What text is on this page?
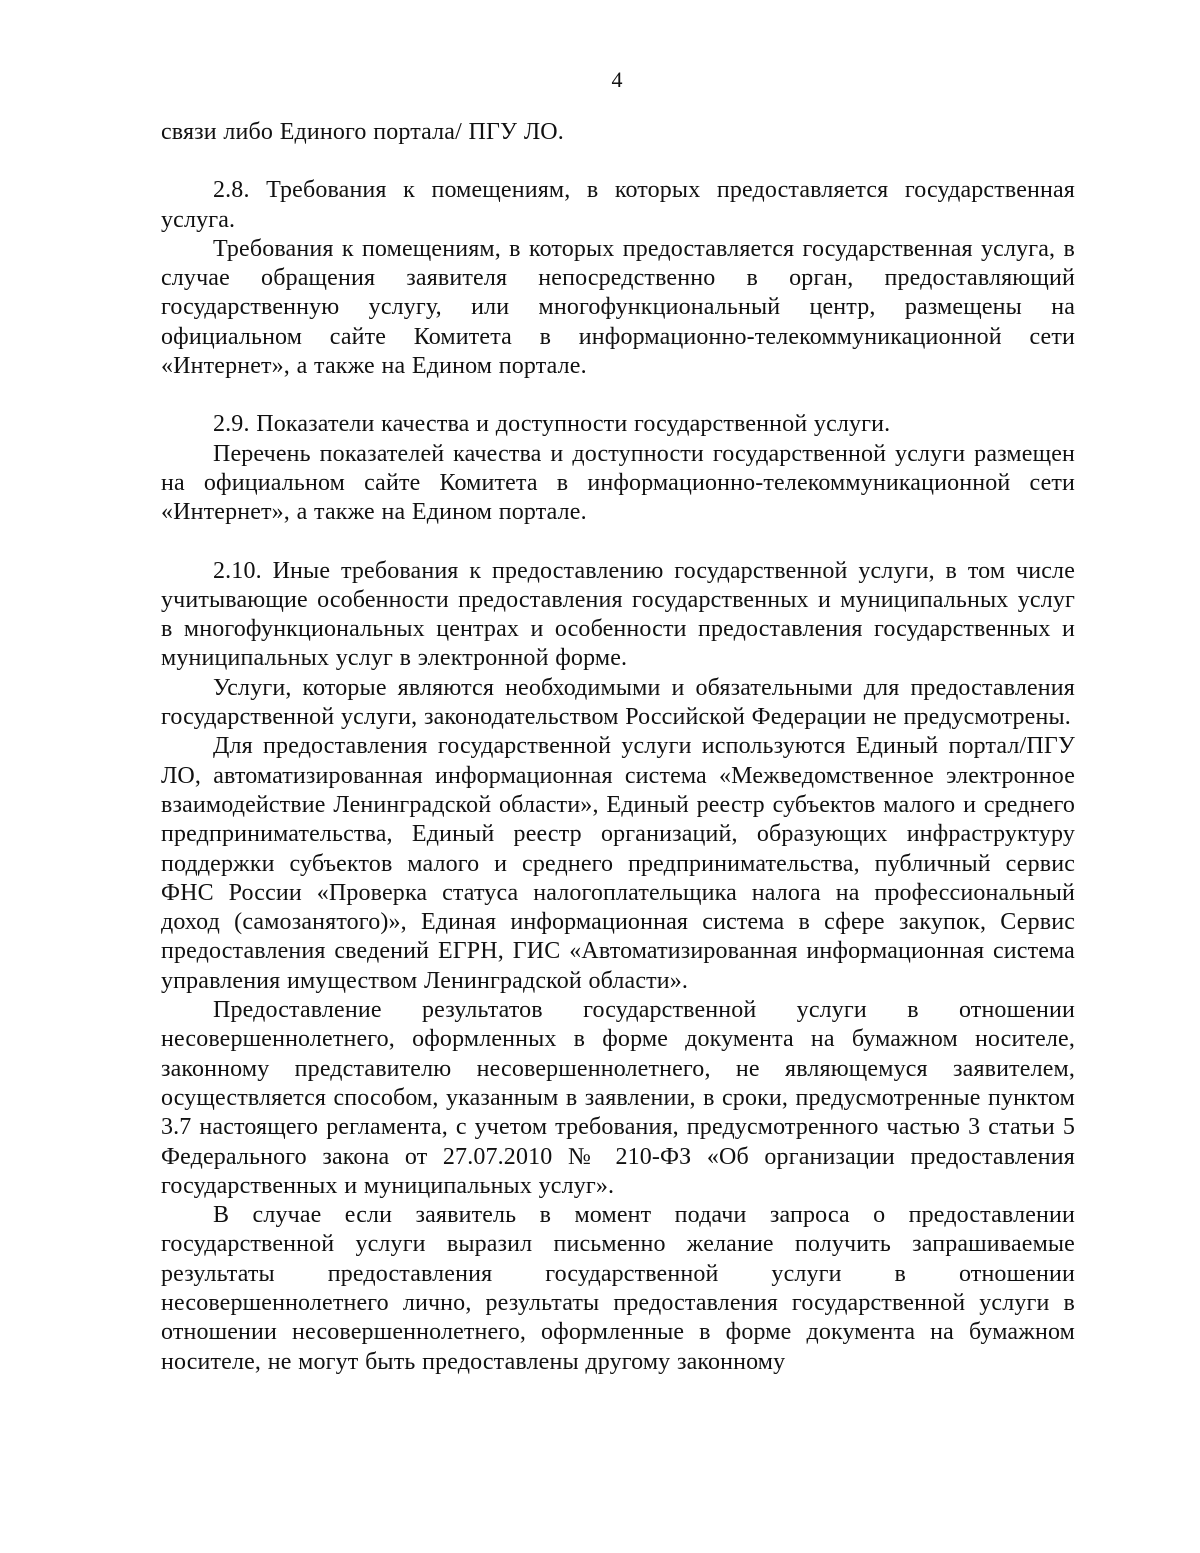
4

связи либо Единого портала/ ПГУ ЛО.

2.8. Требования к помещениям, в которых предоставляется государственная услуга.

Требования к помещениям, в которых предоставляется государственная услуга, в случае обращения заявителя непосредственно в орган, предоставляющий государственную услугу, или многофункциональный центр, размещены на официальном сайте Комитета в информационно-телекоммуникационной сети «Интернет», а также на Едином портале.

2.9. Показатели качества и доступности государственной услуги.

Перечень показателей качества и доступности государственной услуги размещен на официальном сайте Комитета в информационно-телекоммуникационной сети «Интернет», а также на Едином портале.

2.10. Иные требования к предоставлению государственной услуги, в том числе учитывающие особенности предоставления государственных и муниципальных услуг в многофункциональных центрах и особенности предоставления государственных и муниципальных услуг в электронной форме.

Услуги, которые являются необходимыми и обязательными для предоставления государственной услуги, законодательством Российской Федерации не предусмотрены.

Для предоставления государственной услуги используются Единый портал/ПГУ ЛО, автоматизированная информационная система «Межведомственное электронное взаимодействие Ленинградской области», Единый реестр субъектов малого и среднего предпринимательства, Единый реестр организаций, образующих инфраструктуру поддержки субъектов малого и среднего предпринимательства, публичный сервис ФНС России «Проверка статуса налогоплательщика налога на профессиональный доход (самозанятого)», Единая информационная система в сфере закупок, Сервис предоставления сведений ЕГРН, ГИС «Автоматизированная информационная система управления имуществом Ленинградской области».

Предоставление результатов государственной услуги в отношении несовершеннолетнего, оформленных в форме документа на бумажном носителе, законному представителю несовершеннолетнего, не являющемуся заявителем, осуществляется способом, указанным в заявлении, в сроки, предусмотренные пунктом 3.7 настоящего регламента, с учетом требования, предусмотренного частью 3 статьи 5 Федерального закона от 27.07.2010 № 210-ФЗ «Об организации предоставления государственных и муниципальных услуг».

В случае если заявитель в момент подачи запроса о предоставлении государственной услуги выразил письменно желание получить запрашиваемые результаты предоставления государственной услуги в отношении несовершеннолетнего лично, результаты предоставления государственной услуги в отношении несовершеннолетнего, оформленные в форме документа на бумажном носителе, не могут быть предоставлены другому законному
